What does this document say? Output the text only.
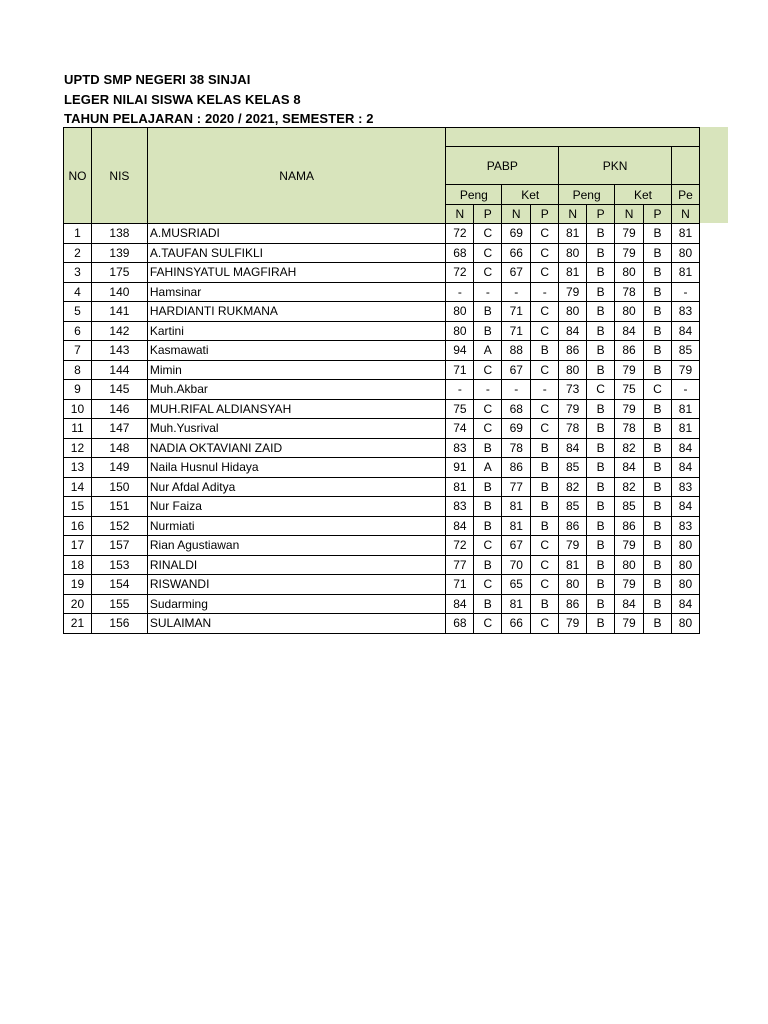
UPTD SMP NEGERI 38 SINJAI
LEGER NILAI SISWA KELAS KELAS 8
TAHUN PELAJARAN : 2020 / 2021, SEMESTER : 2
NO	NIS	NAMA									
			PABP				PKN				
			Peng		Ket		Peng		Ket		Pe
			N	P	N	P	N	P	N	P	N
1	138	A.MUSRIADI	72	C	69	C	81	B	79	B	81
2	139	A.TAUFAN SULFIKLI	68	C	66	C	80	B	79	B	80
3	175	FAHINSYATUL MAGFIRAH	72	C	67	C	81	B	80	B	81
4	140	Hamsinar	-	-	-	-	79	B	78	B	-
5	141	HARDIANTI RUKMANA	80	B	71	C	80	B	80	B	83
6	142	Kartini	80	B	71	C	84	B	84	B	84
7	143	Kasmawati	94	A	88	B	86	B	86	B	85
8	144	Mimin	71	C	67	C	80	B	79	B	79
9	145	Muh.Akbar	-	-	-	-	73	C	75	C	-
10	146	MUH.RIFAL ALDIANSYAH	75	C	68	C	79	B	79	B	81
11	147	Muh.Yusrival	74	C	69	C	78	B	78	B	81
12	148	NADIA OKTAVIANI ZAID	83	B	78	B	84	B	82	B	84
13	149	Naila Husnul Hidaya	91	A	86	B	85	B	84	B	84
14	150	Nur Afdal Aditya	81	B	77	B	82	B	82	B	83
15	151	Nur Faiza	83	B	81	B	85	B	85	B	84
16	152	Nurmiati	84	B	81	B	86	B	86	B	83
17	157	Rian Agustiawan	72	C	67	C	79	B	79	B	80
18	153	RINALDI	77	B	70	C	81	B	80	B	80
19	154	RISWANDI	71	C	65	C	80	B	79	B	80
20	155	Sudarming	84	B	81	B	86	B	84	B	84
21	156	SULAIMAN	68	C	66	C	79	B	79	B	80
